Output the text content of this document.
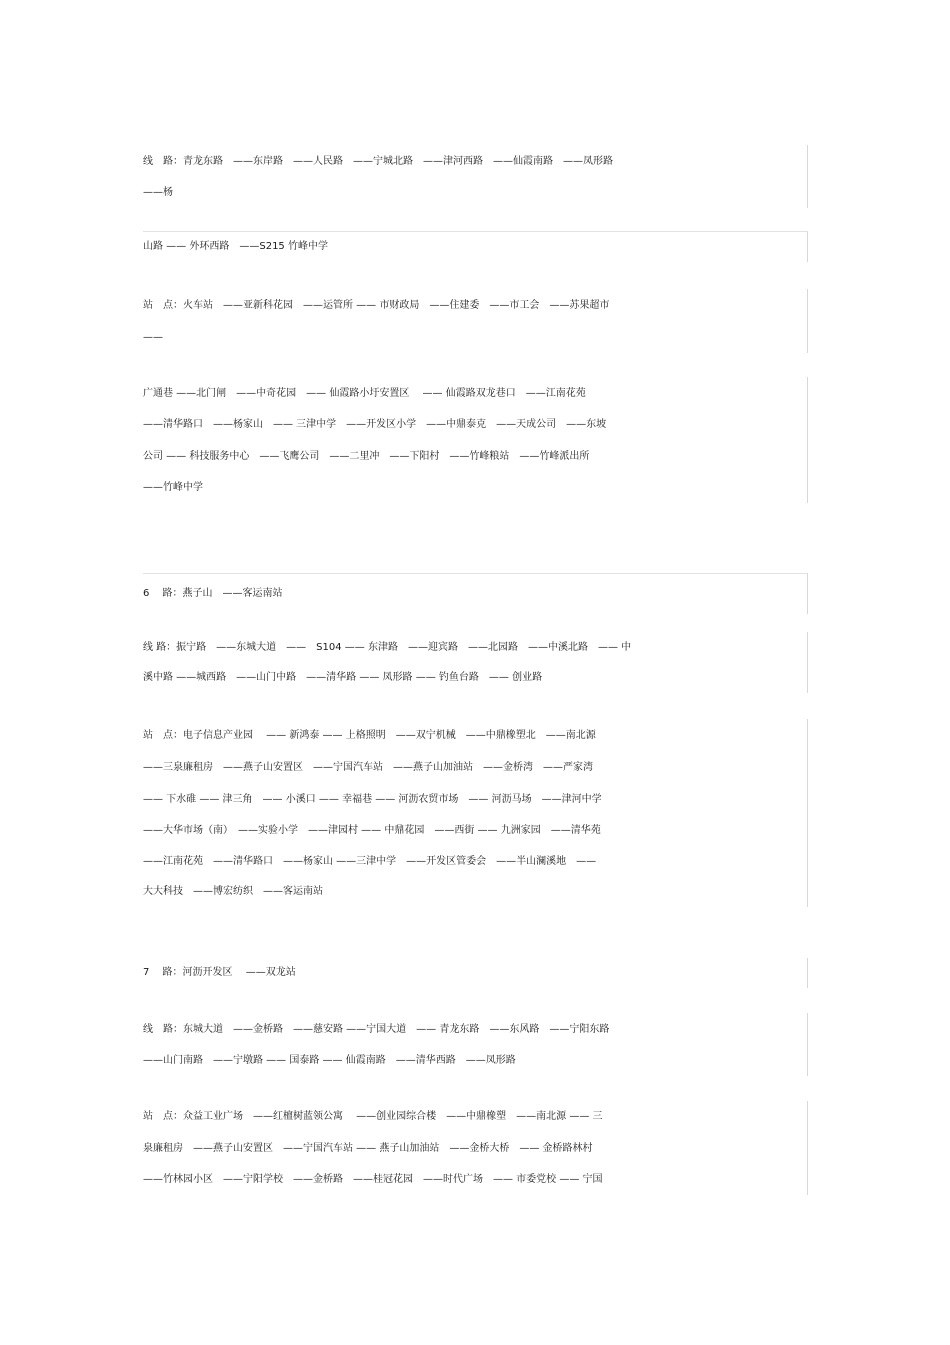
线　路：青龙东路　——东岸路　——人民路　——宁城北路　——津河西路　——仙霞南路　——凤形路
——杨
山路 —— 外环西路　——S215 竹峰中学
站　点：火车站　——亚新科花园　——运管所 —— 市财政局　——住建委　——市工会　——苏果超市
——
广通巷 ——北门闸　——中奇花园　—— 仙霞路小圩安置区　 —— 仙霞路双龙巷口　——江南花苑
——清华路口　——杨家山　—— 三津中学　——开发区小学　——中鼎泰克　——天成公司　——东坡
公司 —— 科技服务中心　——飞鹰公司　——二里冲　——下阳村　——竹峰粮站　——竹峰派出所
——竹峰中学
6　 路：燕子山　——客运南站
线 路：振宁路　——东城大道　——　S104 —— 东津路　——迎宾路　——北园路　——中溪北路　—— 中
溪中路 ——城西路　——山门中路　——清华路 —— 凤形路 —— 钓鱼台路　—— 创业路
站　点：电子信息产业园　 —— 新鸿泰 —— 上格照明　——双宁机械　——中鼎橡塑北　——南北源
——三泉廉租房　——燕子山安置区　——宁国汽车站　——燕子山加油站　——金桥湾　——严家湾
—— 下水碓 —— 津三角　—— 小溪口 —— 幸福巷 —— 河沥农贸市场　—— 河沥马场　——津河中学
——大华市场（南）　——实验小学　——津园村 —— 中鼎花园　——西街 —— 九洲家园　——清华苑
——江南花苑　——清华路口　——杨家山 ——三津中学　——开发区管委会　——半山澜溪地　——
大大科技　——博宏纺织　——客运南站
7　 路：河沥开发区　 ——双龙站
线　路：东城大道　——金桥路　——慈安路 ——宁国大道　—— 青龙东路　——东风路　——宁阳东路
——山门南路　——宁墩路 —— 国泰路 —— 仙霞南路　——清华西路　——凤形路
站　点：众益工业广场　——红檀树蓝领公寓　 ——创业园综合楼　——中鼎橡塑　——南北源 —— 三
泉廉租房　——燕子山安置区　——宁国汽车站 —— 燕子山加油站　——金桥大桥　—— 金桥路林村
——竹林园小区　——宁阳学校　——金桥路　——桂冠花园　——时代广场　—— 市委党校 —— 宁国
